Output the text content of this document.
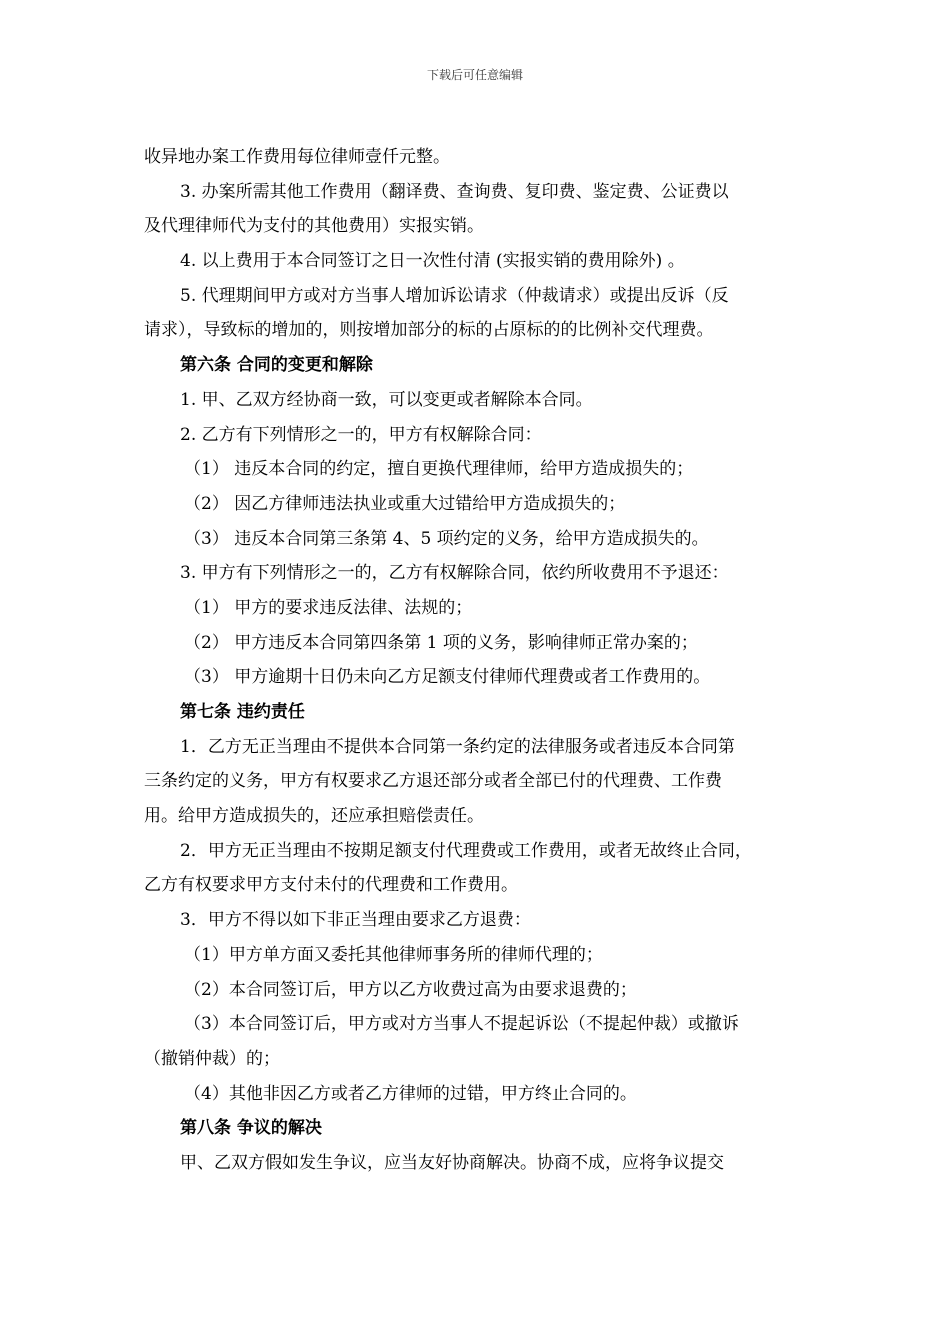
下载后可任意编辑
收异地办案工作费用每位律师壹仟元整。
3. 办案所需其他工作费用（翻译费、查询费、复印费、鉴定费、公证费以
及代理律师代为支付的其他费用）实报实销。
4. 以上费用于本合同签订之日一次性付清 (实报实销的费用除外) 。
5. 代理期间甲方或对方当事人增加诉讼请求（仲裁请求）或提出反诉（反
请求），导致标的增加的，则按增加部分的标的占原标的的比例补交代理费。
第六条 合同的变更和解除
1. 甲、乙双方经协商一致，可以变更或者解除本合同。
2. 乙方有下列情形之一的，甲方有权解除合同：
（1） 违反本合同的约定，擅自更换代理律师，给甲方造成损失的；
（2） 因乙方律师违法执业或重大过错给甲方造成损失的；
（3） 违反本合同第三条第 4、5 项约定的义务，给甲方造成损失的。
3. 甲方有下列情形之一的，乙方有权解除合同，依约所收费用不予退还：
（1） 甲方的要求违反法律、法规的；
（2） 甲方违反本合同第四条第 1 项的义务，影响律师正常办案的；
（3） 甲方逾期十日仍未向乙方足额支付律师代理费或者工作费用的。
第七条 违约责任
1．乙方无正当理由不提供本合同第一条约定的法律服务或者违反本合同第
三条约定的义务，甲方有权要求乙方退还部分或者全部已付的代理费、工作费
用。给甲方造成损失的，还应承担赔偿责任。
2．甲方无正当理由不按期足额支付代理费或工作费用，或者无故终止合同，
乙方有权要求甲方支付未付的代理费和工作费用。
3．甲方不得以如下非正当理由要求乙方退费：
（1）甲方单方面又委托其他律师事务所的律师代理的；
（2）本合同签订后，甲方以乙方收费过高为由要求退费的；
（3）本合同签订后，甲方或对方当事人不提起诉讼（不提起仲裁）或撤诉
（撤销仲裁）的；
（4）其他非因乙方或者乙方律师的过错，甲方终止合同的。
第八条 争议的解决
甲、乙双方假如发生争议，应当友好协商解决。协商不成，应将争议提交
